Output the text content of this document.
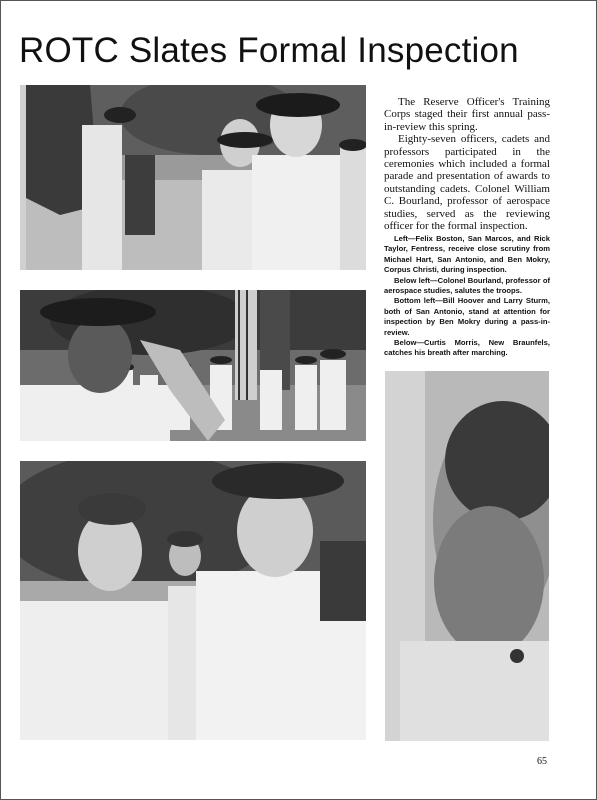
ROTC Slates Formal Inspection

The Reserve Officer's Training Corps staged their first annual pass-in-review this spring.

Eighty-seven officers, cadets and professors participated in the ceremonies which included a formal parade and presentation of awards to outstanding cadets. Colonel William C. Bourland, professor of aerospace studies, served as the reviewing officer for the formal inspection.

Left—Felix Boston, San Marcos, and Rick Taylor, Fentress, receive close scrutiny from Michael Hart, San Antonio, and Ben Mokry, Corpus Christi, during inspection.

Below left—Colonel Bourland, professor of aerospace studies, salutes the troops.

Bottom left—Bill Hoover and Larry Sturm, both of San Antonio, stand at attention for inspection by Ben Mokry during a pass-in-review.

Below—Curtis Morris, New Braunfels, catches his breath after marching.

65
